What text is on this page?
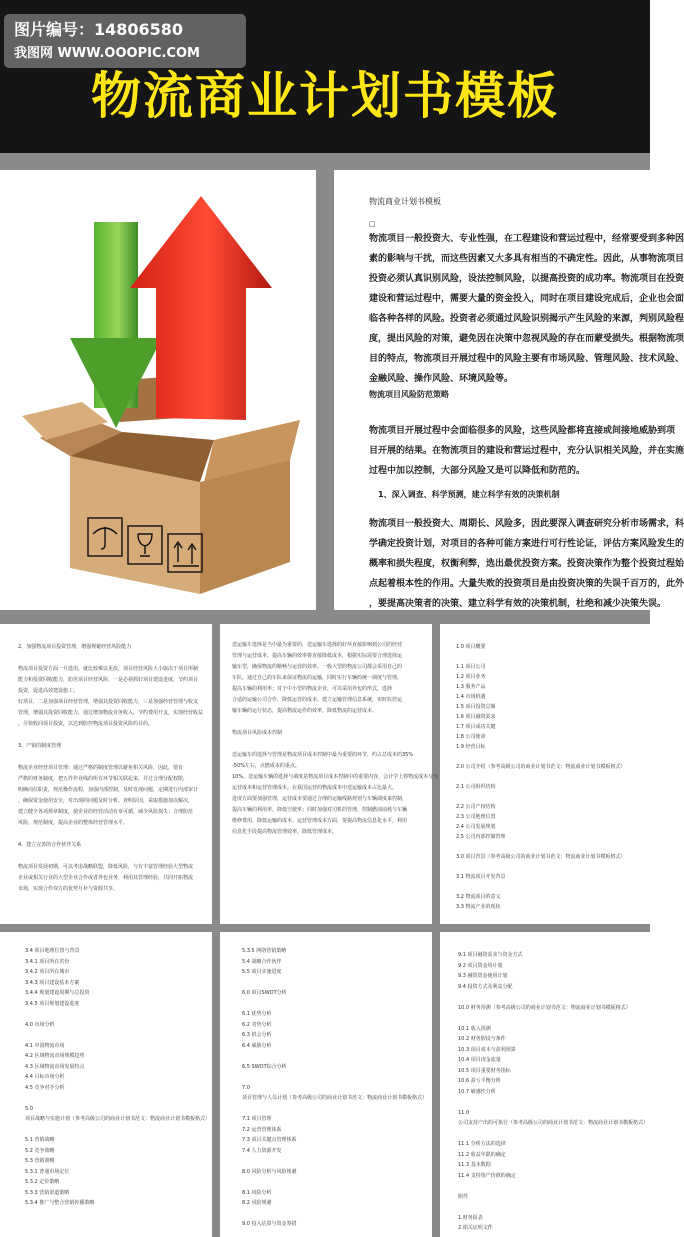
图片编号：14806580
我图网 WWW.OOOPIC.COM
物流商业计划书模板
物流商业计划书模板
□
物流项目一般投资大、专业性强，在工程建设和营运过程中，经常要受到多种因
素的影响与干扰，而这些因素又大多具有相当的不确定性。因此，从事物流项目
投资必须认真识别风险，设法控制风险，以提高投资的成功率。物流项目在投资
建设和营运过程中，需要大量的资金投入，同时在项目建设完成后，企业也会面
临各种各样的风险。投资者必须通过风险识别揭示产生风险的来源，判别风险程
度，提出风险的对策，避免因在决策中忽视风险的存在而蒙受损失。根据物流项
目的特点，物流项目开展过程中的风险主要有市场风险、管理风险、技术风险、
金融风险、操作风险、环境风险等。
物流项目风险防范策略
物流项目开展过程中会面临很多的风险，这些风险都将直接或间接地威胁到项
目开展的结果。在物流项目的建设和营运过程中，充分认识相关风险，并在实施
过程中加以控制，大部分风险又是可以降低和防范的。
1、深入调查、科学预测，建立科学有效的决策机制
物流项目一般投资大、周期长、风险多，因此要深入调查研究分析市场需求，科
学确定投资计划，对项目的各种可能方案进行可行性论证，评估方案风险发生的
概率和损失程度，权衡利弊，选出最优投资方案。投资决策作为整个投资过程始
点起着根本性的作用。大量失败的投资项目是由投资决策的失误千百万的，此外
，要提高决策者的决策、建立科学有效的决策机制，杜绝和减少决策失误。
2、加强物流项目投资管理，增强规避经营风险能力
物流项目投资方面一旦选用，就比较难以更改，项目经营风险大小取决于项目所制
能力和投资回收能力，防范项目经营风险，一是必须抓好项目建设进度，节约项目
投资，促进高效建设施工；
好项目，二是加强项目经营管理，增强其投资回收能力，三是加强经营管理与收支
管理，增强其投资回收能力，通过增加物流业务收入、节约费用开支，实现经营收益
，尽快收回项目投资，以达到防控物流项目投资风险的目的。
3、产销的制度管理
物流企业经营项目管理：通过严格的制度管理以避免相关风险，因此，要有
严格的财务制度，把五件作业线的所有环节相关联起来，并过合理分配权限，
明确岗位职责，规范操作流程，加强内部控制，及时发现问题，定期进行内部审计
，确保资金使用安全，对出现的问题及时分析、查明原因，采取措施加以解决，
建立健全各项规章制度，使企业的经营活动有章可循，减少风险损失；合理防范
风险，规范制度，提高企业的整体经营管理水平。
4、建立完善的合作伙伴关系
物流项目发展初期，可以考虑战略联盟，降低风险，与有丰富管理经验大型物流
企业或相关行业的大型企业合作或者外包业务，利用其管理经验，共同开拓物流
市场，实现合作双方的优势互补与资源共享。
送运输车选择是当中最为重要的，送运输车选择的好坏直接影响到公司的经营
管理与运营成本，提高车辆的效率将直接降低成本，根据实际需要合理选择运
输车型，确保物流的顺畅与运营的效率。一般大型的物流公司都会采用自己的
车队，通过自己的车队来保证物流的运输，同时实行车辆的统一调度与管理，
提高车辆的利用率；对于中小型的物流企业，可以采用外包的形式，选择
合适的运输公司合作，降低运营的成本。建立运输管理信息系统，实时监控运
输车辆的运行状态，提高物流运作的效率，降低物流的运营成本。
物流项目风险成本控制
送运输车的选择与管理是物流项目成本控制中最为重要的环节，约占总成本的35%
-50%左右，点燃成本的重点。
10%，送运输车辆的选择与调度是物流项目成本控制中的重要内容，会计学上将物流成本分为
运营成本和运营管理成本，在我国运营的物流成本中送运输成本占比最大。
进度方面要加强管理，运营成本要通过合理的运输线路规划与车辆调度来控制，
提高车辆的利用率，降低空驶率；同时加强对司机的管理，控制燃油消耗与车辆
维修费用，降低运输的成本。运营管理成本方面，要提高物流信息化水平，利用
信息化手段提高物流管理效率，降低管理成本。
1.0 项目概要
1.1 项目公司
1.2 项目业务
1.3 服务产品
1.4 市场机遇
1.5 项目投资总额
1.6 项目融资需求
1.7 项目成功关键
1.8 公司使命
1.9 经营目标
2.0 公司介绍（参考高级公司的商业计划书范文：物流商业计划书模板格式）
2.1 公司组织结构
2.2 公司产权结构
2.3 公司地理位置
2.4 公司发展规划
2.5 公司内部控制管理
3.0 项目背景（参考高级公司的商业计划书范文：物流商业计划书模板格式）
3.1 物流项目开发背景
3.2 物流项目的意义
3.3 物流产业的现状
3.4 项目地理位置与背景
3.4.1 项目所在省份
3.4.2 项目所在城市
3.4.3 项目建设基本方案
3.4.4 规划建设周期与总投资
3.4.5 项目规划建设进度
4.0 市场分析
4.1 中国物流市场
4.2 区域物流市场规模趋势
4.3 区域物流市场发展特点
4.4 目标市场分析
4.5 竞争对手分析
5.0
项目战略与实施计划（参考高级公司的商业计划书范文：物流商业计划书模板格式）
5.1 营销战略
5.2 竞争策略
5.3 营销策略
5.3.1 普通市场定位
5.3.2 定价策略
5.3.3 营销渠道策略
5.3.4 推广与整合营销传播策略
5.3.5 网络营销策略
5.4 战略合作伙伴
5.5 项目实施进度
6.0 项目SWOT分析
6.1 优势分析
6.2 劣势分析
6.3 机会分析
6.4 威胁分析
6.5 SWOT综合分析
7.0
项目管理与人员计划（参考高级公司的商业计划书范文：物流商业计划书模板格式）
7.1 项目管理
7.2 运营管理体系
7.3 项目关键点管理体系
7.4 人力资源开发
8.0 风险分析与风险规避
8.1 风险分析
8.2 风险规避
9.0 投入估算与资金筹措
9.1 项目融资需求与资金方式
9.2 项目资金用计划
9.3 融资资金使用计划
9.4 投资方式及利益分配
10.0 财务预测（参考高级公司的商业计划书范文：物流商业计划书模板格式）
10.1 收入预测
10.2 财务假设与条件
10.3 项目成本与盈利预算
10.4 项目现金流量
10.5 项目重要财务指标
10.6 盈亏平衡分析
10.7 敏感性分析
11.0
公司支持产出的可执行（参考高级公司的商业计划书范文：物流商业计划书模板格式）
11.1 分析方法的选择
11.2 收益年限的确定
11.3 基本数据
11.4 支持资产价值的确定
附件
1.财务报表
2.相关证明文件
